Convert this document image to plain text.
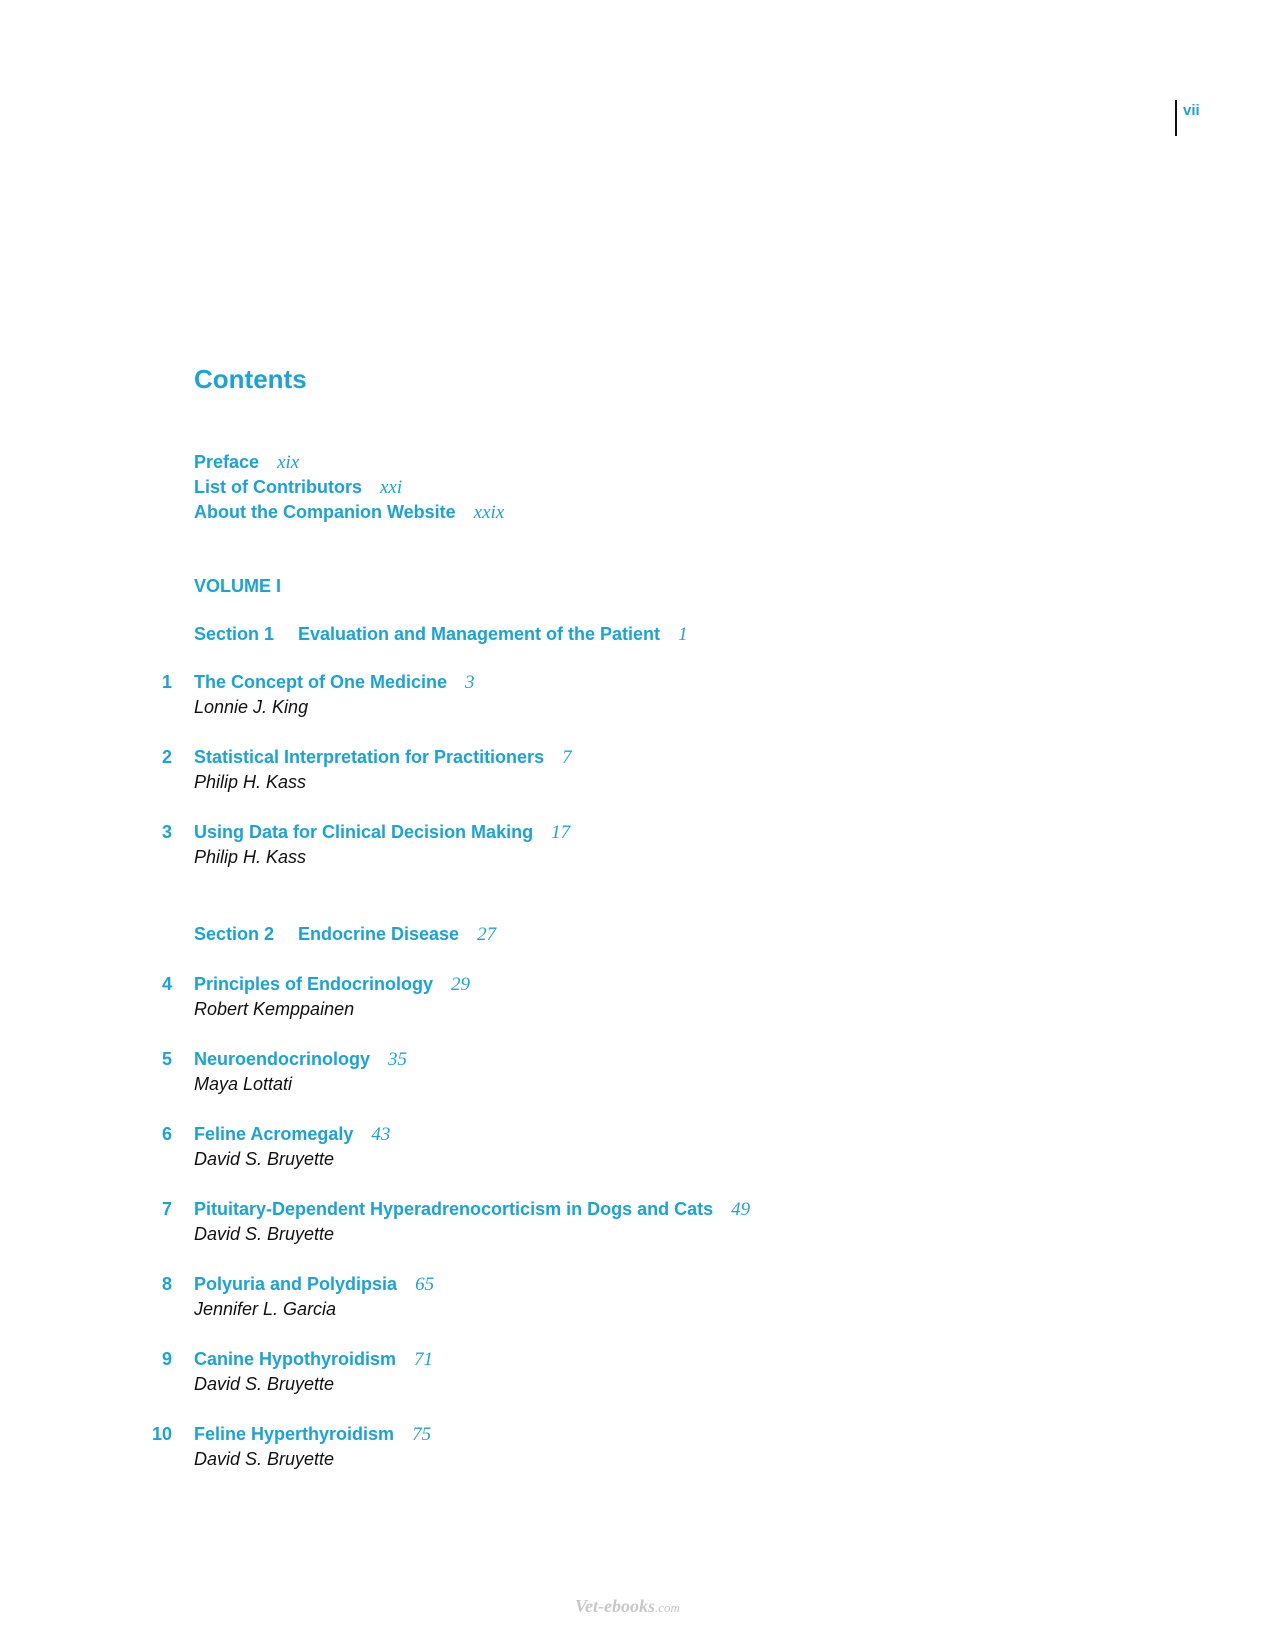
vii
Contents
Preface xix
List of Contributors xxi
About the Companion Website xxix
VOLUME I
Section 1 Evaluation and Management of the Patient 1
1 The Concept of One Medicine 3
Lonnie J. King
2 Statistical Interpretation for Practitioners 7
Philip H. Kass
3 Using Data for Clinical Decision Making 17
Philip H. Kass
Section 2 Endocrine Disease 27
4 Principles of Endocrinology 29
Robert Kemppainen
5 Neuroendocrinology 35
Maya Lottati
6 Feline Acromegaly 43
David S. Bruyette
7 Pituitary-Dependent Hyperadrenocorticism in Dogs and Cats 49
David S. Bruyette
8 Polyuria and Polydipsia 65
Jennifer L. Garcia
9 Canine Hypothyroidism 71
David S. Bruyette
10 Feline Hyperthyroidism 75
David S. Bruyette
Vet-ebooks.com
